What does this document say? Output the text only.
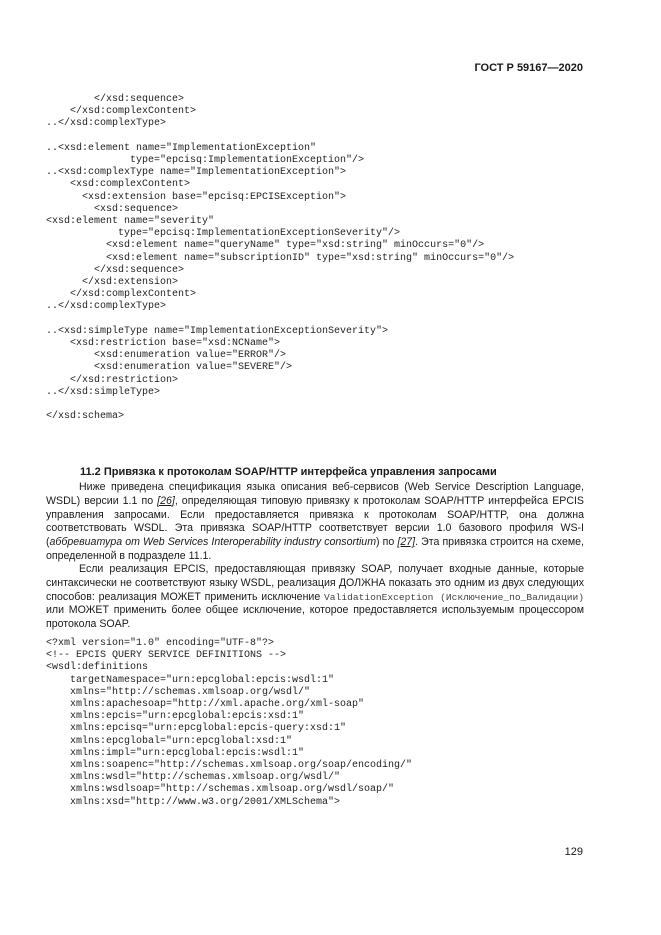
ГОСТ Р 59167—2020
</xsd:sequence>
</xsd:complexContent>
..</xsd:complexType>

..<xsd:element name="ImplementationException"
type="epcisq:ImplementationException"/>
..<xsd:complexType name="ImplementationException">
<xsd:complexContent>
<xsd:extension base="epcisq:EPCISException">
<xsd:sequence>
<xsd:element name="severity"
type="epcisq:ImplementationExceptionSeverity"/>
<xsd:element name="queryName" type="xsd:string" minOccurs="0"/>
<xsd:element name="subscriptionID" type="xsd:string" minOccurs="0"/>
</xsd:sequence>
</xsd:extension>
</xsd:complexContent>
..</xsd:complexType>

..<xsd:simpleType name="ImplementationExceptionSeverity">
<xsd:restriction base="xsd:NCName">
<xsd:enumeration value="ERROR"/>
<xsd:enumeration value="SEVERE"/>
</xsd:restriction>
..</xsd:simpleType>

</xsd:schema>
11.2 Привязка к протоколам SOAP/HTTP интерфейса управления запросами

Ниже приведена спецификация языка описания веб-сервисов (Web Service Description Language, WSDL) версии 1.1 по [26], определяющая типовую привязку к протоколам SOAP/HTTP интерфейса EPCIS управления запросами. Если предоставляется привязка к протоколам SOAP/HTTP, она должна соответствовать WSDL. Эта привязка SOAP/HTTP соответствует версии 1.0 базового профиля WS-I (аббревиатура от Web Services Interoperability industry consortium) по [27]. Эта привязка строится на схеме, определенной в подразделе 11.1.

Если реализация EPCIS, предоставляющая привязку SOAP, получает входные данные, которые синтаксически не соответствуют языку WSDL, реализация ДОЛЖНА показать это одним из двух следующих способов: реализация МОЖЕТ применить исключение ValidationException (Исключение_по_Валидации) или МОЖЕТ применить более общее исключение, которое предоставляется используемым процессором протокола SOAP.

<?xml version="1.0" encoding="UTF-8"?>
<!-- EPCIS QUERY SERVICE DEFINITIONS -->
<wsdl:definitions
targetNamespace="urn:epcglobal:epcis:wsdl:1"
xmlns="http://schemas.xmlsoap.org/wsdl/"
xmlns:apachesoap="http://xml.apache.org/xml-soap"
xmlns:epcis="urn:epcglobal:epcis:xsd:1"
xmlns:epcisq="urn:epcglobal:epcis-query:xsd:1"
xmlns:epcglobal="urn:epcglobal:xsd:1"
xmlns:impl="urn:epcglobal:epcis:wsdl:1"
xmlns:soapenc="http://schemas.xmlsoap.org/soap/encoding/"
xmlns:wsdl="http://schemas.xmlsoap.org/wsdl/"
xmlns:wsdlsoap="http://schemas.xmlsoap.org/wsdl/soap/"
xmlns:xsd="http://www.w3.org/2001/XMLSchema">
129
